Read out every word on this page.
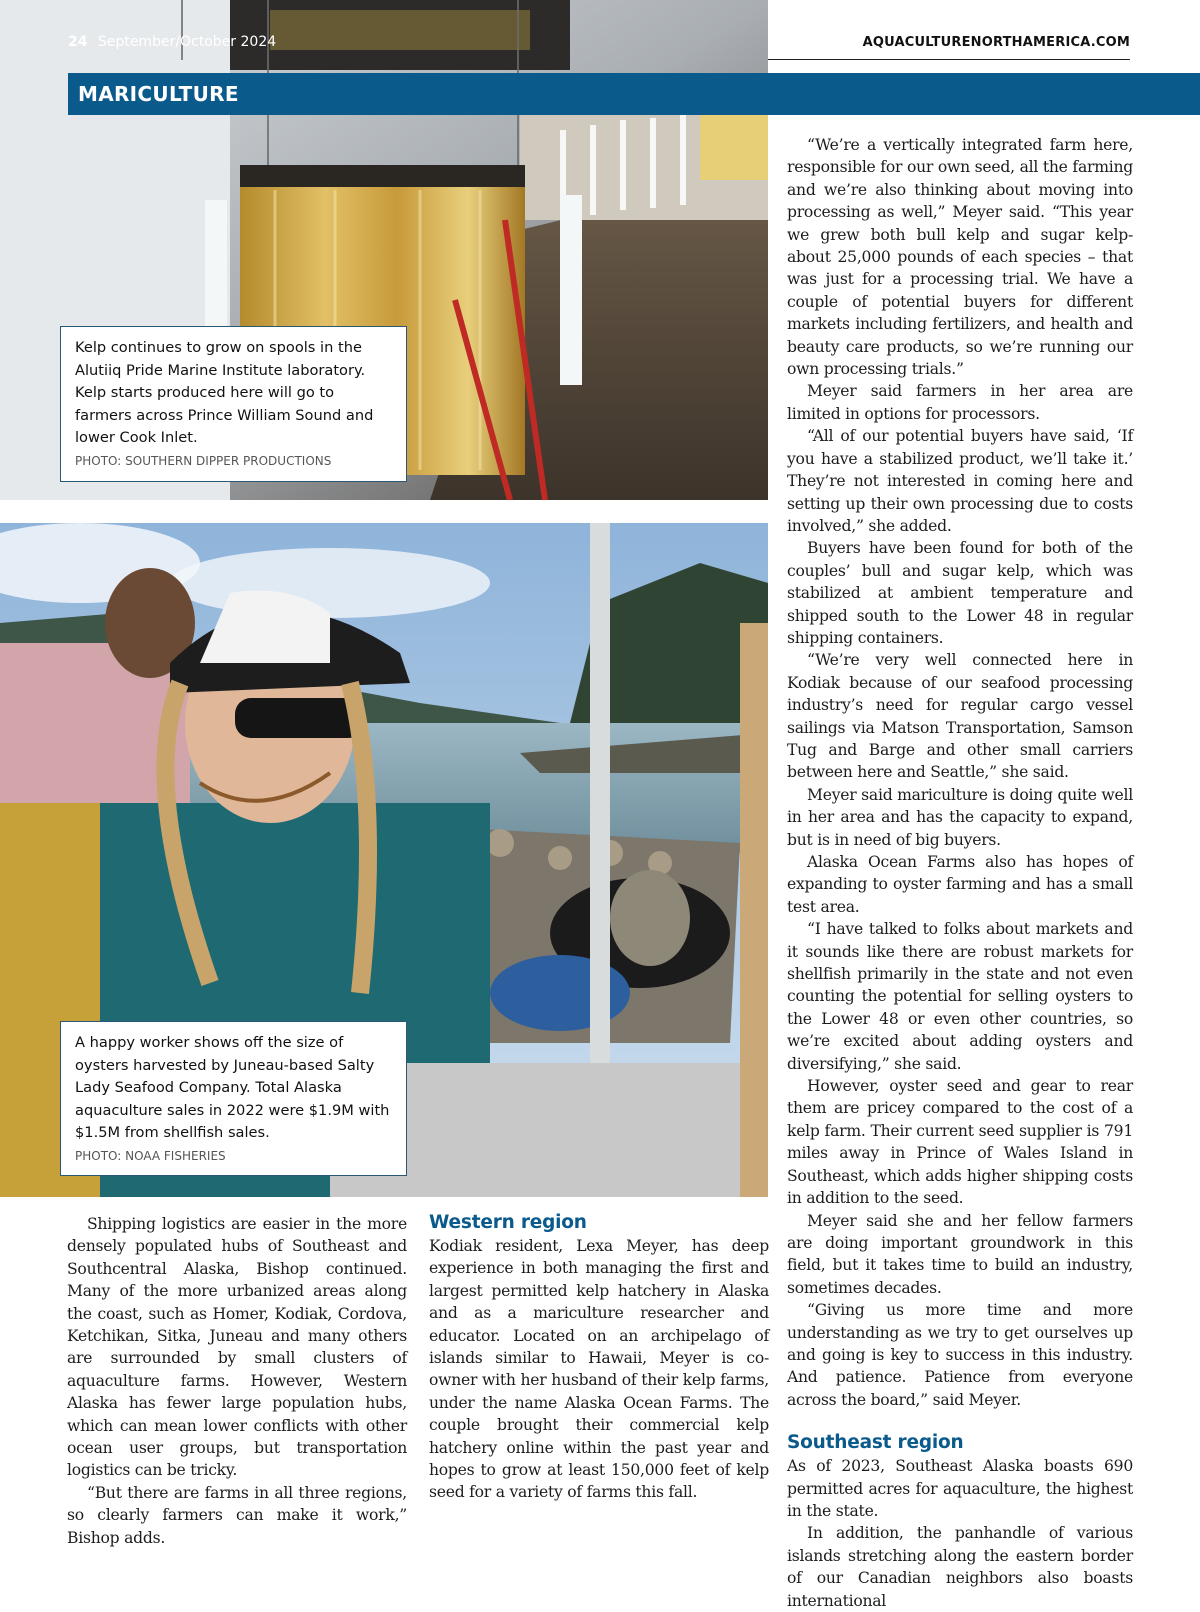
24 September/October 2024	AQUACULTURENORTHAMERICA.COM
MARICULTURE
Kelp continues to grow on spools in the Alutiiq Pride Marine Institute laboratory. Kelp starts produced here will go to farmers across Prince William Sound and lower Cook Inlet.
PHOTO: SOUTHERN DIPPER PRODUCTIONS
A happy worker shows off the size of oysters harvested by Juneau-based Salty Lady Seafood Company. Total Alaska aquaculture sales in 2022 were $1.9M with $1.5M from shellfish sales.
PHOTO: NOAA FISHERIES

Shipping logistics are easier in the more densely populated hubs of Southeast and Southcentral Alaska, Bishop continued. Many of the more urbanized areas along the coast, such as Homer, Kodiak, Cordova, Ketchikan, Sitka, Juneau and many others are surrounded by small clusters of aquaculture farms. However, Western Alaska has fewer large population hubs, which can mean lower conflicts with other ocean user groups, but transportation logistics can be tricky.

“But there are farms in all three regions, so clearly farmers can make it work,” Bishop adds.

Western region

Kodiak resident, Lexa Meyer, has deep experience in both managing the first and largest permitted kelp hatchery in Alaska and as a mariculture researcher and educator. Located on an archipelago of islands similar to Hawaii, Meyer is co-owner with her husband of their kelp farms, under the name Alaska Ocean Farms. The couple brought their commercial kelp hatchery online within the past year and hopes to grow at least 150,000 feet of kelp seed for a variety of farms this fall.

“We’re a vertically integrated farm here, responsible for our own seed, all the farming and we’re also thinking about moving into processing as well,” Meyer said. “This year we grew both bull kelp and sugar kelp- about 25,000 pounds of each species – that was just for a processing trial. We have a couple of potential buyers for different markets including fertilizers, and health and beauty care products, so we’re running our own processing trials.”

Meyer said farmers in her area are limited in options for processors.

“All of our potential buyers have said, ‘If you have a stabilized product, we’ll take it.’ They’re not interested in coming here and setting up their own processing due to costs involved,” she added.

Buyers have been found for both of the couples’ bull and sugar kelp, which was stabilized at ambient temperature and shipped south to the Lower 48 in regular shipping containers.

“We’re very well connected here in Kodiak because of our seafood processing industry’s need for regular cargo vessel sailings via Matson Transportation, Samson Tug and Barge and other small carriers between here and Seattle,” she said.

Meyer said mariculture is doing quite well in her area and has the capacity to expand, but is in need of big buyers.

Alaska Ocean Farms also has hopes of expanding to oyster farming and has a small test area.

“I have talked to folks about markets and it sounds like there are robust markets for shellfish primarily in the state and not even counting the potential for selling oysters to the Lower 48 or even other countries, so we’re excited about adding oysters and diversifying,” she said.

However, oyster seed and gear to rear them are pricey compared to the cost of a kelp farm. Their current seed supplier is 791 miles away in Prince of Wales Island in Southeast, which adds higher shipping costs in addition to the seed.

Meyer said she and her fellow farmers are doing important groundwork in this field, but it takes time to build an industry, sometimes decades.

“Giving us more time and more understanding as we try to get ourselves up and going is key to success in this industry. And patience. Patience from everyone across the board,” said Meyer.

Southeast region

As of 2023, Southeast Alaska boasts 690 permitted acres for aquaculture, the highest in the state.

In addition, the panhandle of various islands stretching along the eastern border of our Canadian neighbors also boasts international
